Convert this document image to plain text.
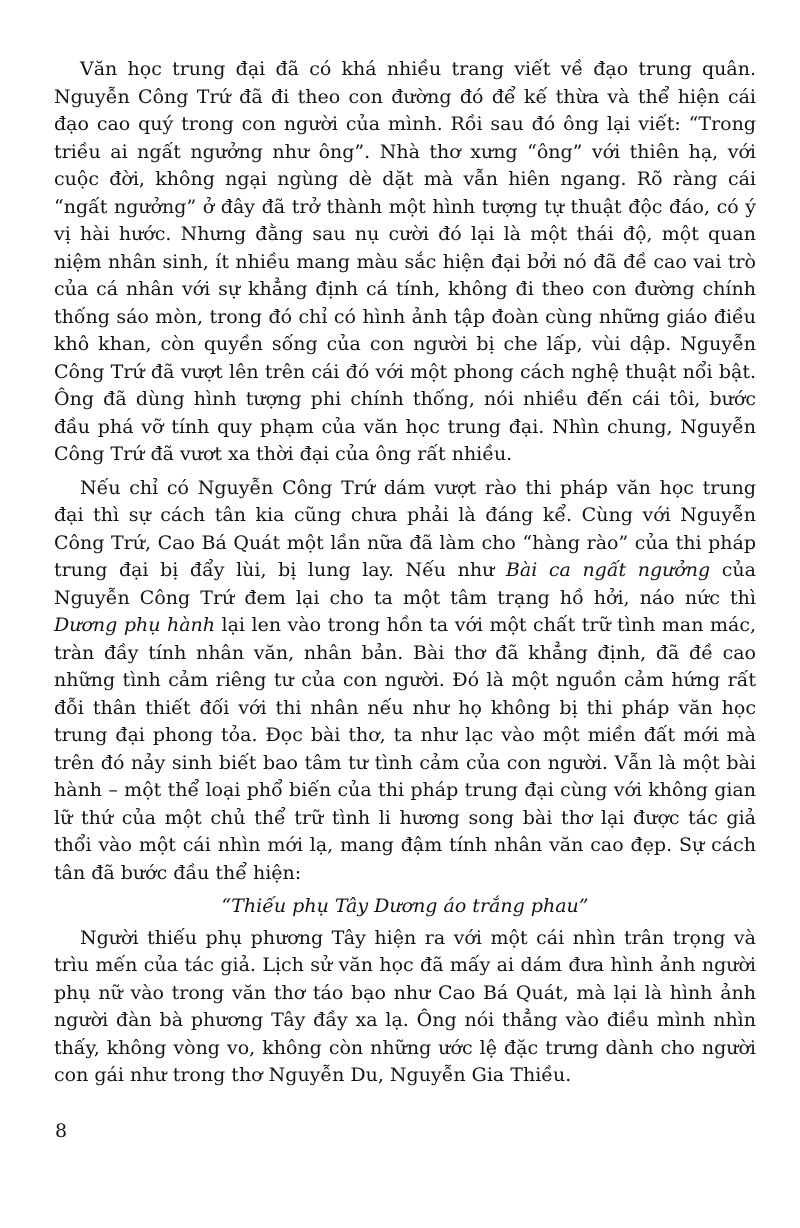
Văn học trung đại đã có khá nhiều trang viết về đạo trung quân. Nguyễn Công Trứ đã đi theo con đường đó để kế thừa và thể hiện cái đạo cao quý trong con người của mình. Rồi sau đó ông lại viết: “Trong triều ai ngất ngưởng như ông”. Nhà thơ xưng “ông” với thiên hạ, với cuộc đời, không ngại ngùng dè dặt mà vẫn hiên ngang. Rõ ràng cái “ngất ngưởng” ở đây đã trở thành một hình tượng tự thuật độc đáo, có ý vị hài hước. Nhưng đằng sau nụ cười đó lại là một thái độ, một quan niệm nhân sinh, ít nhiều mang màu sắc hiện đại bởi nó đã đề cao vai trò của cá nhân với sự khẳng định cá tính, không đi theo con đường chính thống sáo mòn, trong đó chỉ có hình ảnh tập đoàn cùng những giáo điều khô khan, còn quyền sống của con người bị che lấp, vùi dập. Nguyễn Công Trứ đã vượt lên trên cái đó với một phong cách nghệ thuật nổi bật. Ông đã dùng hình tượng phi chính thống, nói nhiều đến cái tôi, bước đầu phá vỡ tính quy phạm của văn học trung đại. Nhìn chung, Nguyễn Công Trứ đã vươt xa thời đại của ông rất nhiều.

Nếu chỉ có Nguyễn Công Trứ dám vượt rào thi pháp văn học trung đại thì sự cách tân kia cũng chưa phải là đáng kể. Cùng với Nguyễn Công Trứ, Cao Bá Quát một lần nữa đã làm cho “hàng rào” của thi pháp trung đại bị đẩy lùi, bị lung lay. Nếu như Bài ca ngất ngưởng của Nguyễn Công Trứ đem lại cho ta một tâm trạng hồ hởi, náo nức thì Dương phụ hành lại len vào trong hồn ta với một chất trữ tình man mác, tràn đầy tính nhân văn, nhân bản. Bài thơ đã khẳng định, đã đề cao những tình cảm riêng tư của con người. Đó là một nguồn cảm hứng rất đỗi thân thiết đối với thi nhân nếu như họ không bị thi pháp văn học trung đại phong tỏa. Đọc bài thơ, ta như lạc vào một miền đất mới mà trên đó nảy sinh biết bao tâm tư tình cảm của con người. Vẫn là một bài hành – một thể loại phổ biến của thi pháp trung đại cùng với không gian lữ thứ của một chủ thể trữ tình li hương song bài thơ lại được tác giả thổi vào một cái nhìn mới lạ, mang đậm tính nhân văn cao đẹp. Sự cách tân đã bước đầu thể hiện:

“Thiếu phụ Tây Dương áo trắng phau”

Người thiếu phụ phương Tây hiện ra với một cái nhìn trân trọng và trìu mến của tác giả. Lịch sử văn học đã mấy ai dám đưa hình ảnh người phụ nữ vào trong văn thơ táo bạo như Cao Bá Quát, mà lại là hình ảnh người đàn bà phương Tây đầy xa lạ. Ông nói thẳng vào điều mình nhìn thấy, không vòng vo, không còn những ước lệ đặc trưng dành cho người con gái như trong thơ Nguyễn Du, Nguyễn Gia Thiều.

8
